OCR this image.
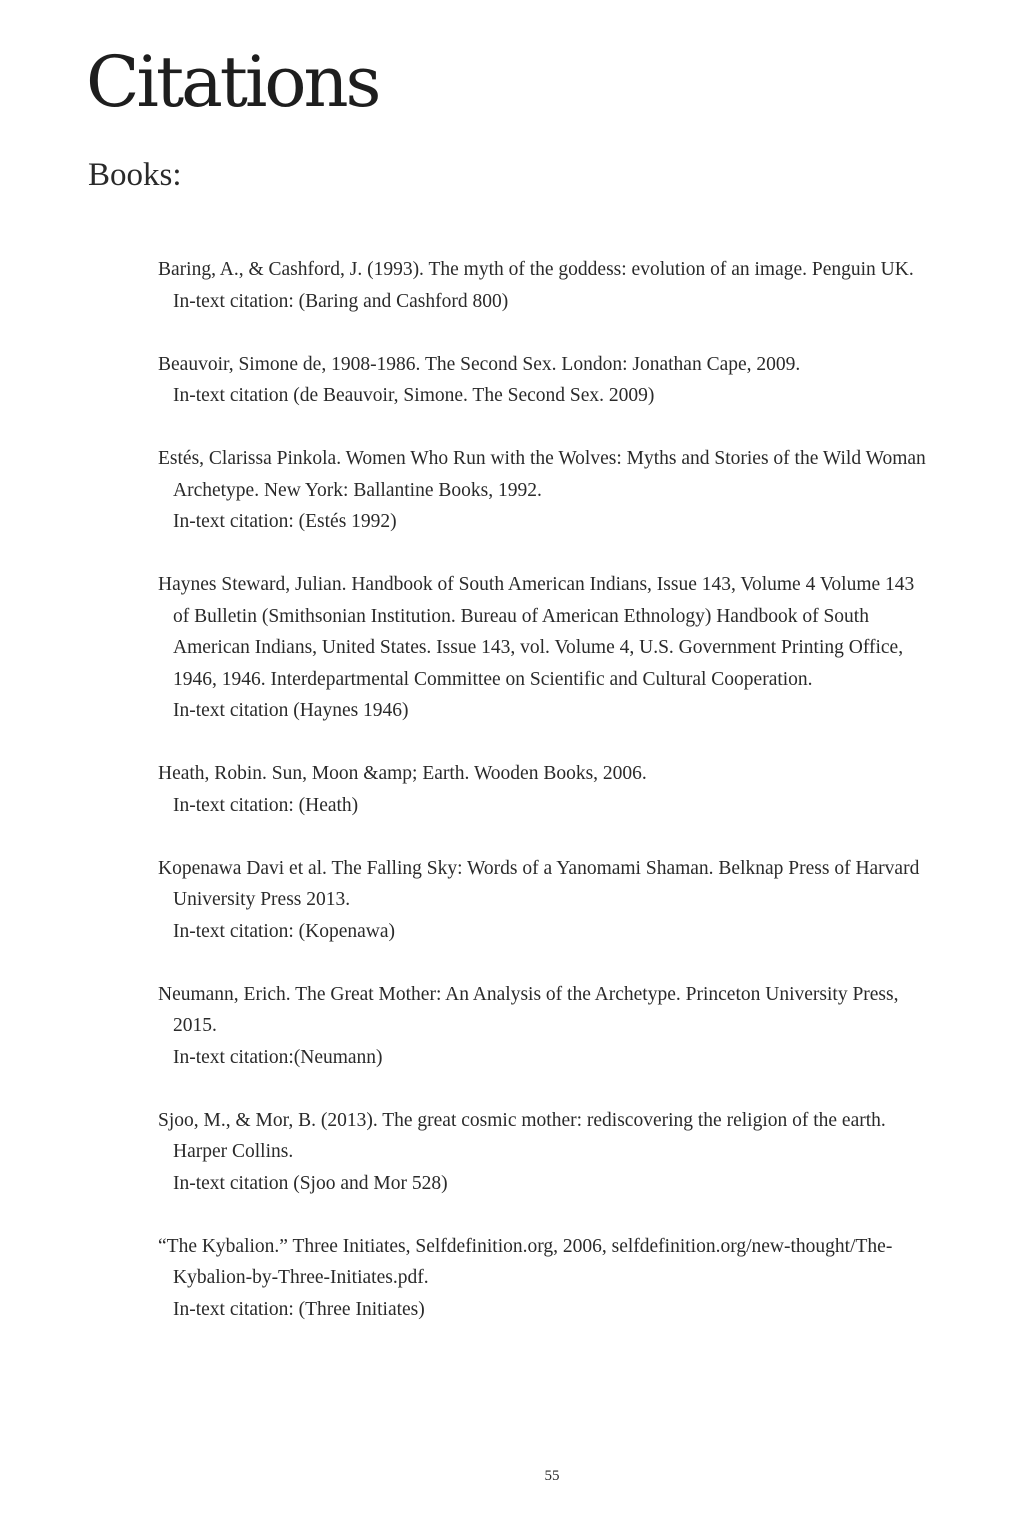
Citations
Books:
Baring, A., & Cashford, J. (1993). The myth of the goddess: evolution of an image. Penguin UK.
In-text citation: (Baring and Cashford 800)
Beauvoir, Simone de, 1908-1986. The Second Sex. London: Jonathan Cape, 2009.
In-text citation (de Beauvoir, Simone. The Second Sex. 2009)
Estés, Clarissa Pinkola. Women Who Run with the Wolves: Myths and Stories of the Wild Woman Archetype. New York: Ballantine Books, 1992.
In-text citation: (Estés 1992)
Haynes Steward, Julian. Handbook of South American Indians, Issue 143, Volume 4 Volume 143 of Bulletin (Smithsonian Institution. Bureau of American Ethnology) Handbook of South American Indians, United States. Issue 143, vol. Volume 4, U.S. Government Printing Office, 1946, 1946. Interdepartmental Committee on Scientific and Cultural Cooperation.
In-text citation (Haynes 1946)
Heath, Robin. Sun, Moon &amp; Earth. Wooden Books, 2006.
In-text citation: (Heath)
Kopenawa Davi et al. The Falling Sky: Words of a Yanomami Shaman. Belknap Press of Harvard University Press 2013.
In-text citation: (Kopenawa)
Neumann, Erich. The Great Mother: An Analysis of the Archetype. Princeton University Press, 2015.
In-text citation:(Neumann)
Sjoo, M., & Mor, B. (2013). The great cosmic mother: rediscovering the religion of the earth. Harper Collins.
In-text citation (Sjoo and Mor 528)
“The Kybalion.” Three Initiates, Selfdefinition.org, 2006, selfdefinition.org/new-thought/The-Kybalion-by-Three-Initiates.pdf.
In-text citation: (Three Initiates)
55
